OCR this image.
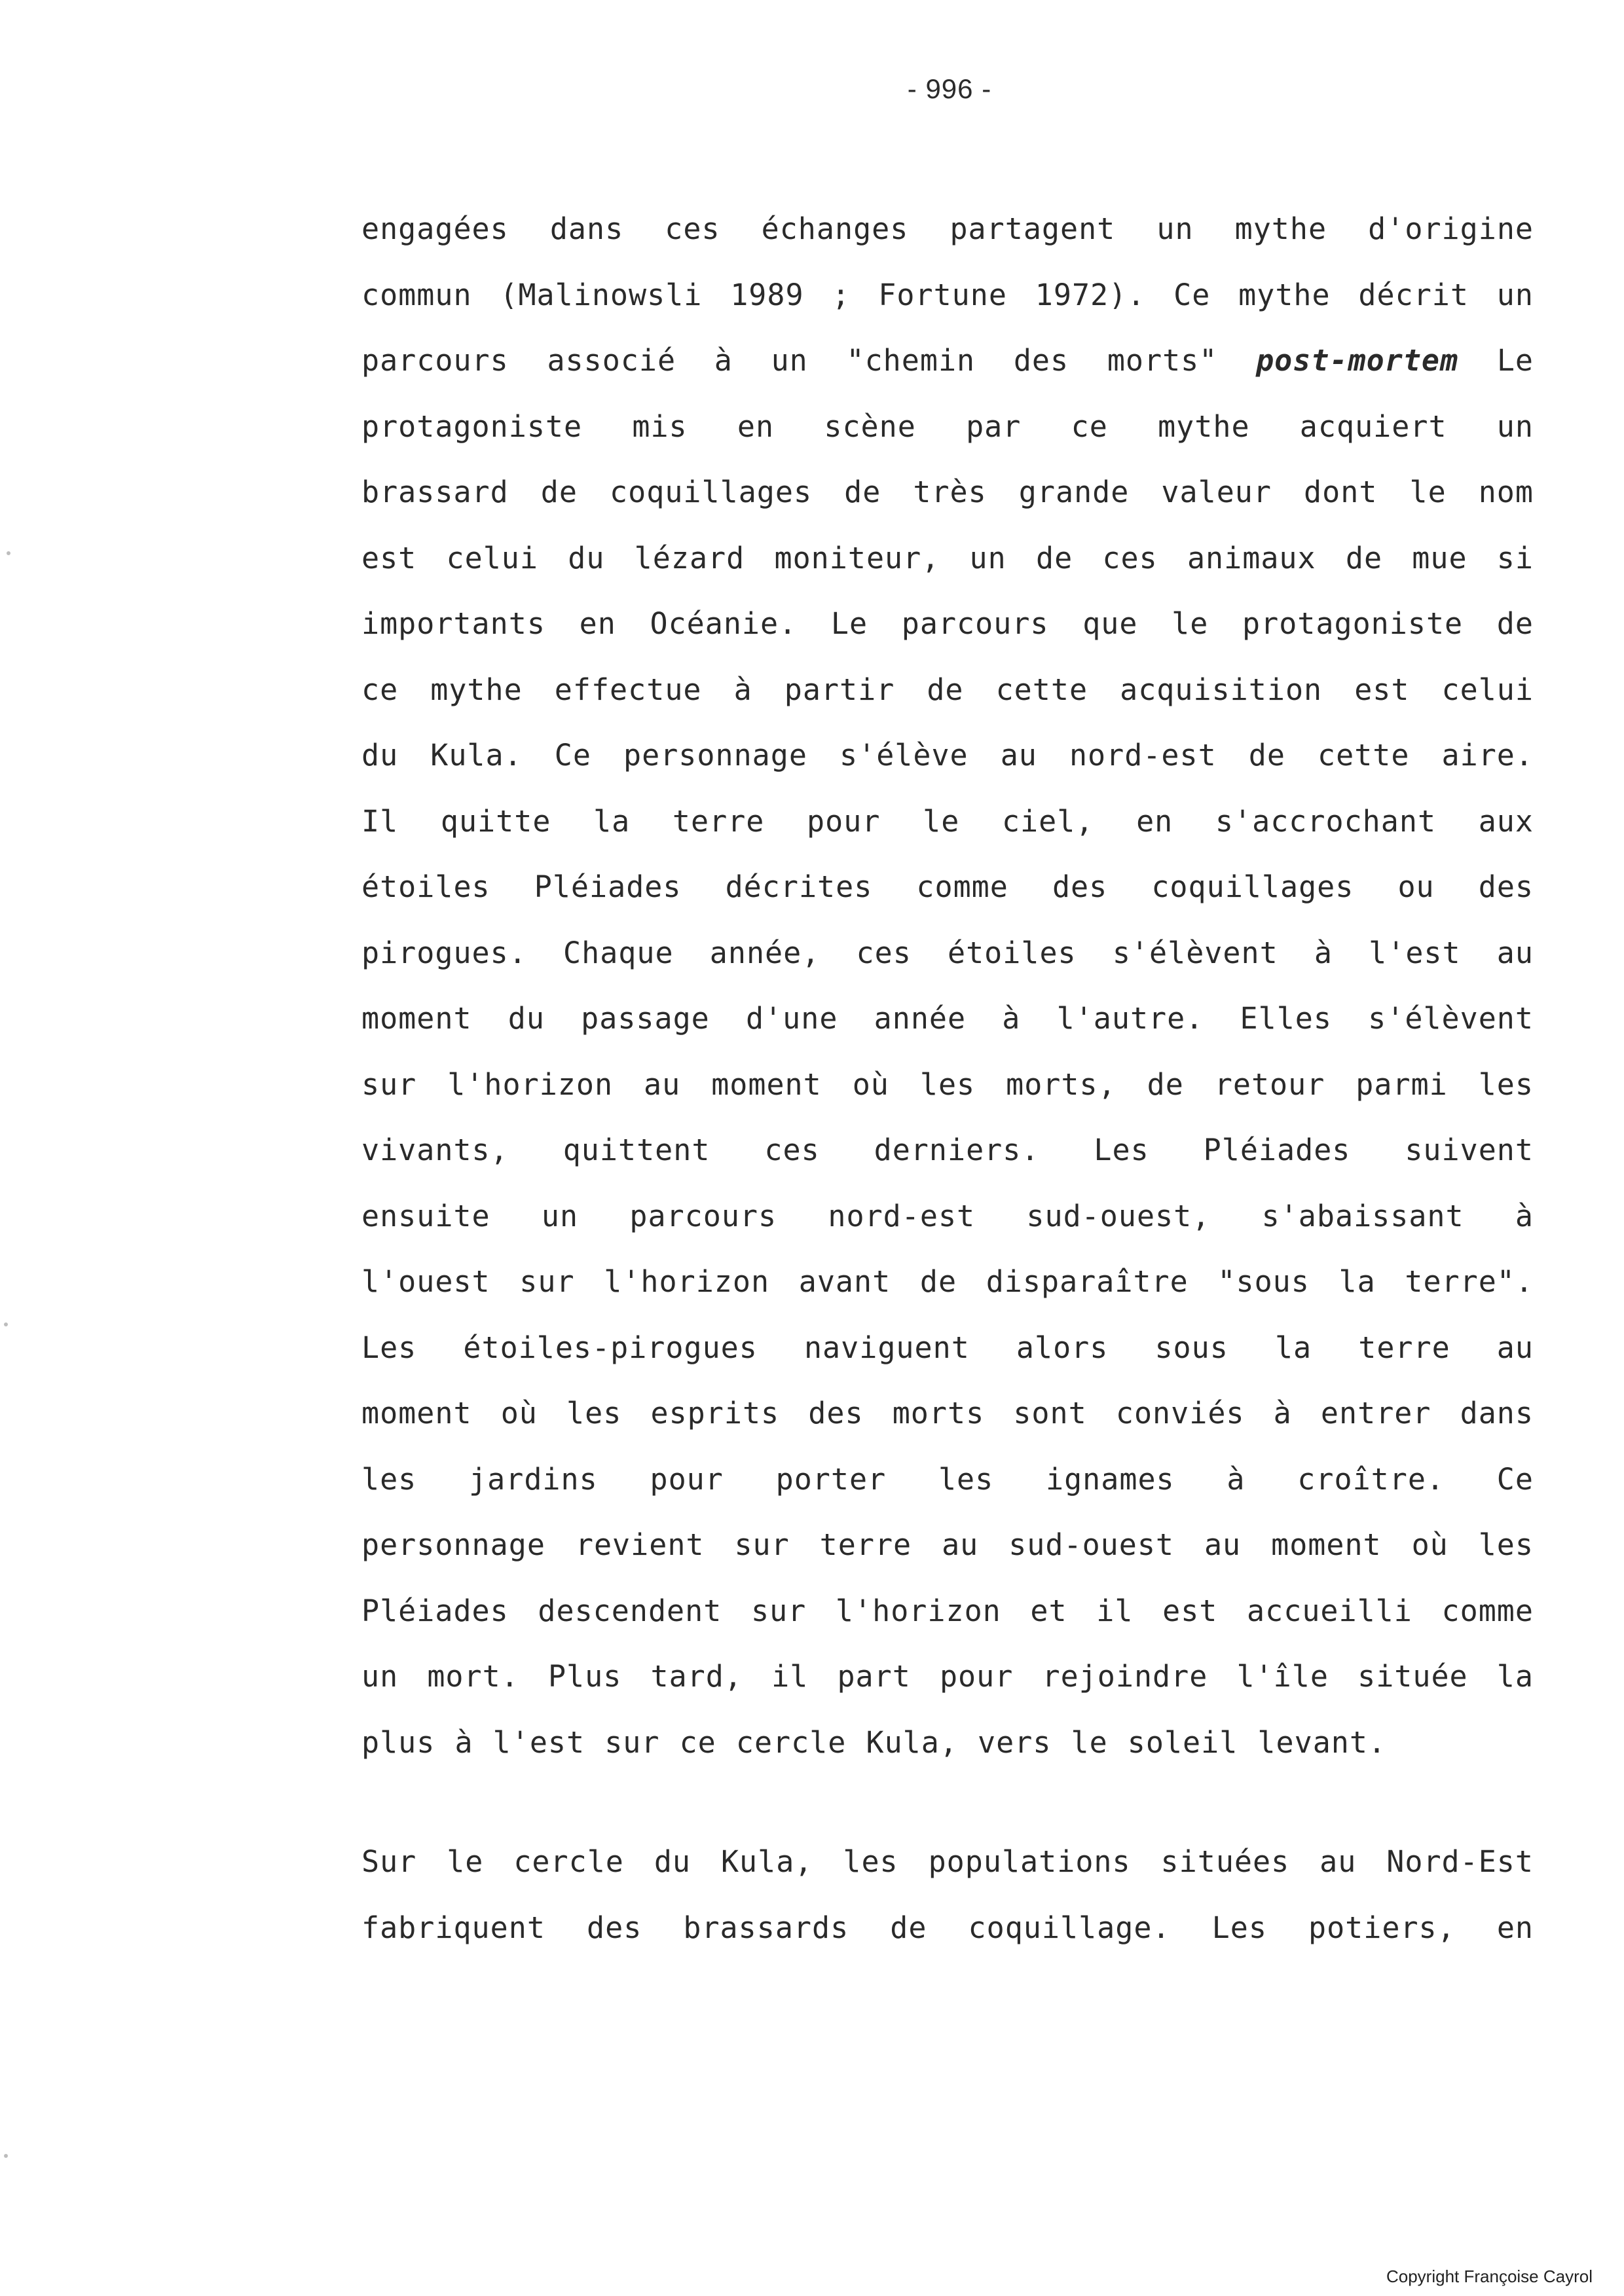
- 996 -
engagées dans ces échanges partagent un mythe d'origine
commun (Malinowsli 1989 ; Fortune 1972). Ce mythe décrit un
parcours associé à un "chemin des morts" post-mortem Le
protagoniste mis en scène par ce mythe acquiert un
brassard de coquillages de très grande valeur dont le nom
est celui du lézard moniteur, un de ces animaux de mue si
importants en Océanie. Le parcours que le protagoniste de
ce mythe effectue à partir de cette acquisition est celui
du Kula. Ce personnage s'élève au nord-est de cette aire.
Il quitte la terre pour le ciel, en s'accrochant aux
étoiles Pléiades décrites comme des coquillages ou des
pirogues. Chaque année, ces étoiles s'élèvent à l'est au
moment du passage d'une année à l'autre. Elles s'élèvent
sur l'horizon au moment où les morts, de retour parmi les
vivants, quittent ces derniers. Les Pléiades suivent
ensuite un parcours nord-est sud-ouest, s'abaissant à
l'ouest sur l'horizon avant de disparaître "sous la terre".
Les étoiles-pirogues naviguent alors sous la terre au
moment où les esprits des morts sont conviés à entrer dans
les jardins pour porter les ignames à croître. Ce
personnage revient sur terre au sud-ouest au moment où les
Pléiades descendent sur l'horizon et il est accueilli comme
un mort. Plus tard, il part pour rejoindre l'île située la
plus à l'est sur ce cercle Kula, vers le soleil levant.
Sur le cercle du Kula, les populations situées au Nord-Est
fabriquent des brassards de coquillage. Les potiers, en
Copyright Françoise Cayrol
